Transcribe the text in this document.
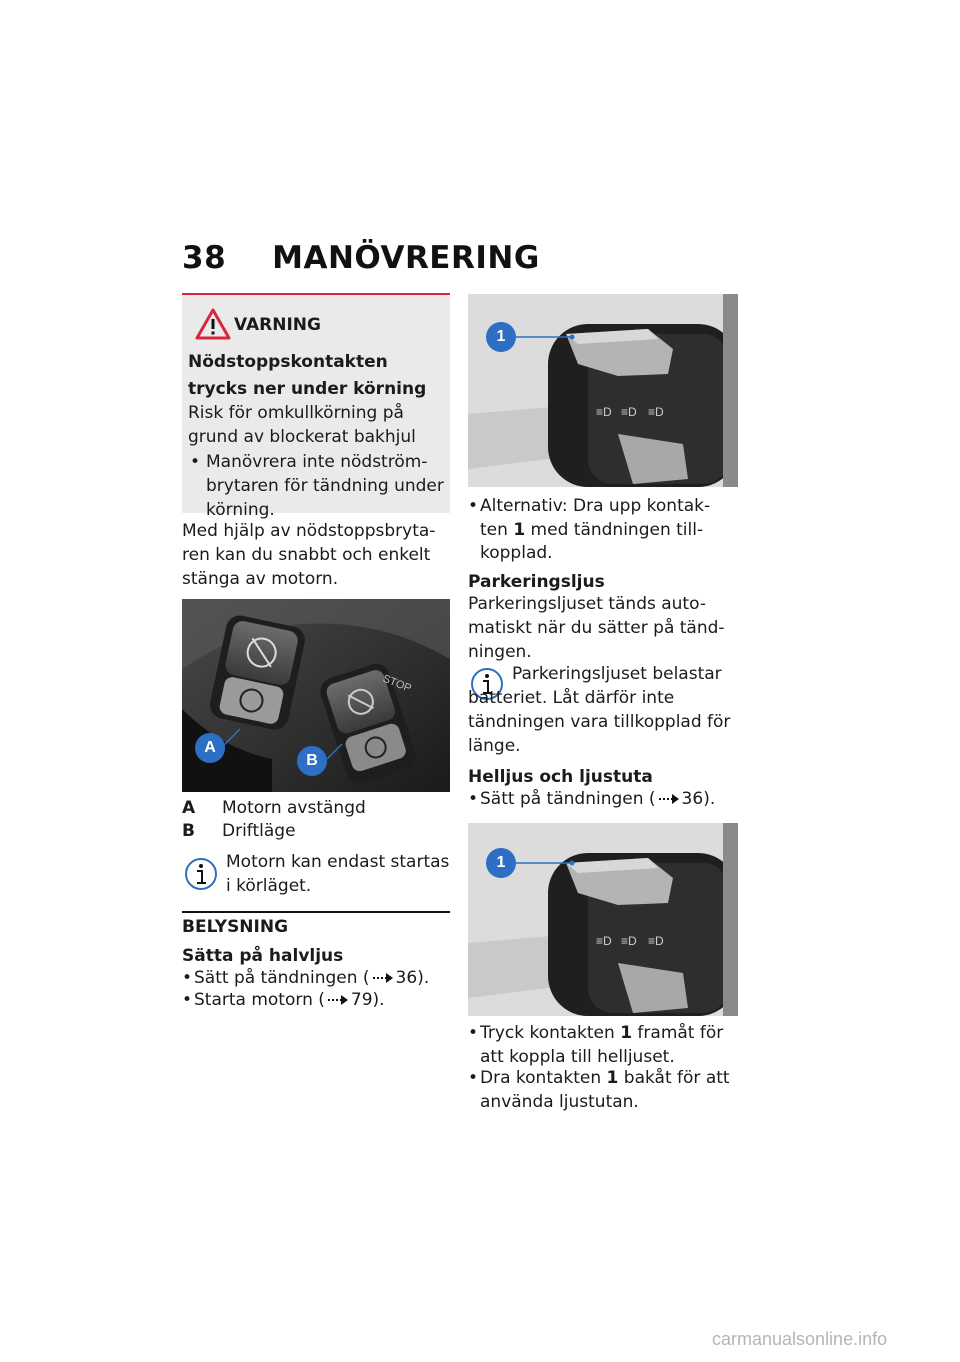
38 MANÖVRERING
VARNING
Nödstoppskontakten trycks ner under körning
Risk för omkullkörning på grund av blockerat bakhjul
• Manövrera inte nödström-brytaren för tändning under körning.
Med hjälp av nödstoppsbryta-ren kan du snabbt och enkelt stänga av motorn.
STOP
A
B
A Motorn avstängd
B Driftläge
Motorn kan endast startas i körläget.
BELYSNING
Sätta på halvljus
• Sätt på tändningen ( 36).
• Starta motorn ( 79).
≡D ≡D ≡D
1
• Alternativ: Dra upp kontak-
ten 1 med tändningen till-
kopplad.
Parkeringsljus
Parkeringsljuset tänds auto-matiskt när du sätter på tänd-ningen.
Parkeringsljuset belastar batteriet. Låt därför inte tändningen vara tillkopplad för länge.
Helljus och ljustuta
• Sätt på tändningen ( 36).
≡D ≡D ≡D
1
• Tryck kontakten 1 framåt för
att koppla till helljuset.
• Dra kontakten 1 bakåt för att
använda ljustutan.
carmanualsonline.info
